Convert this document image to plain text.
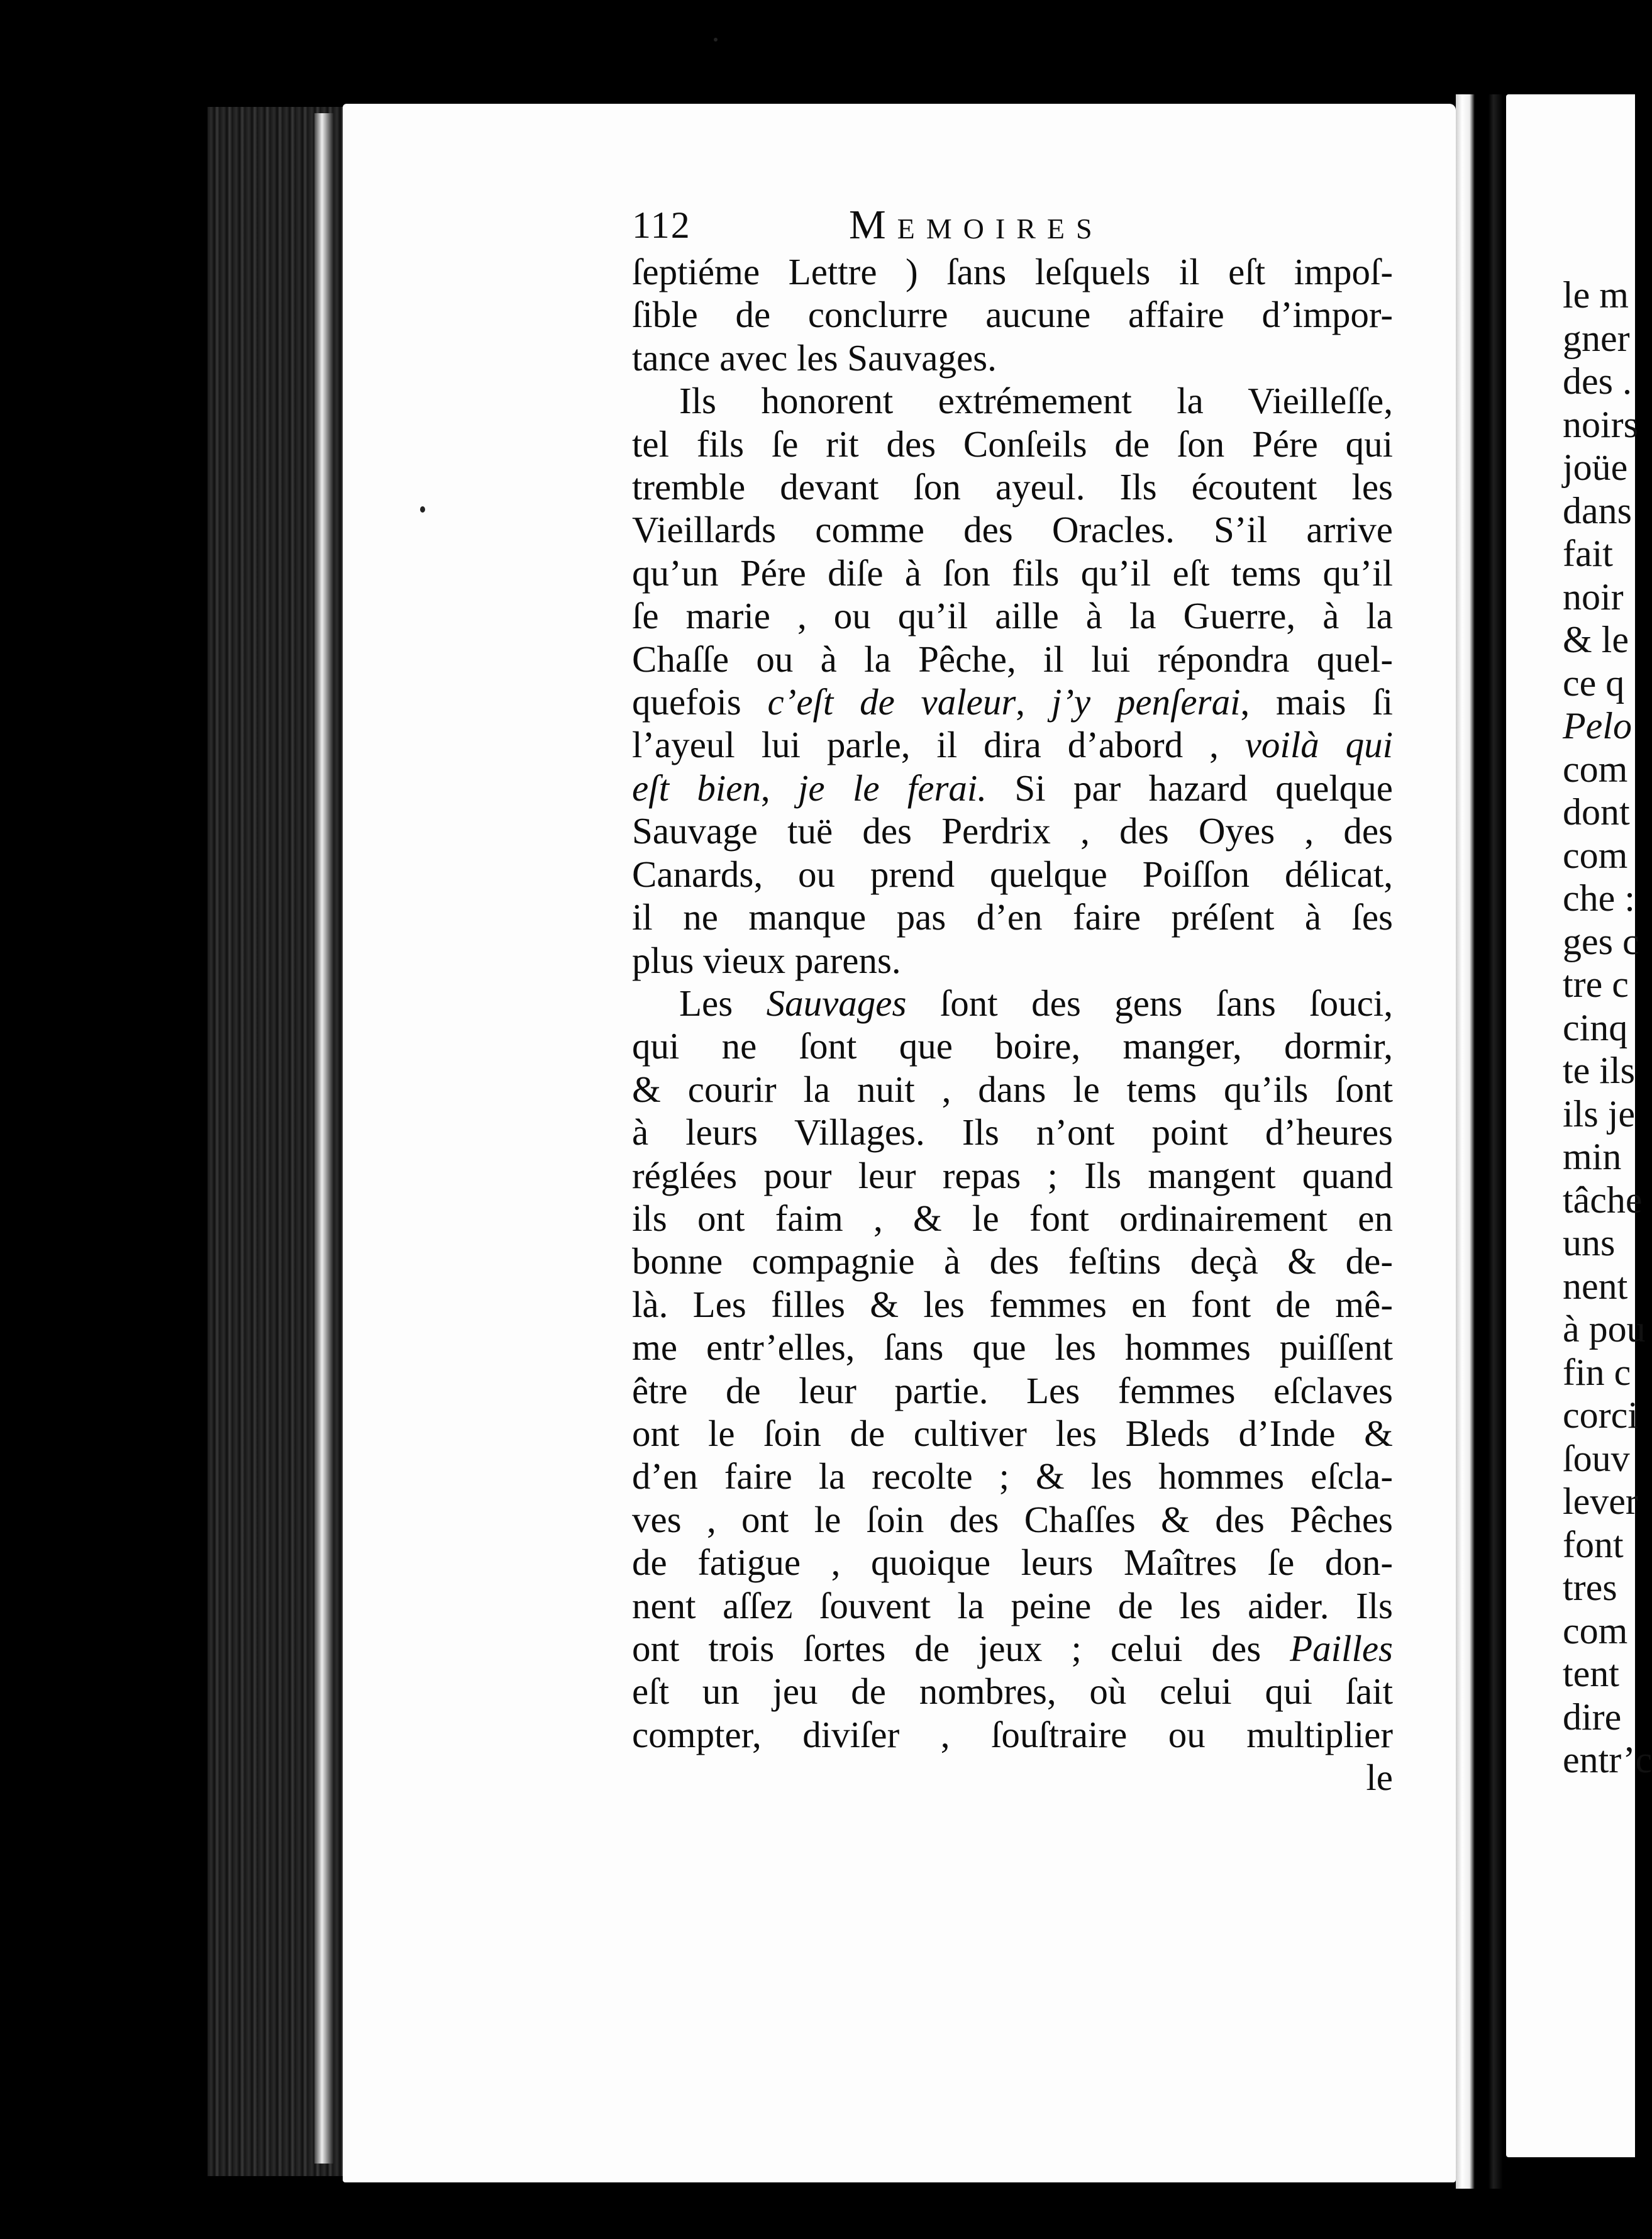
112	Memoires
ſeptiéme Lettre ) ſans leſquels il eſt impoſ-
ſible de conclurre aucune affaire d’impor-
tance avec les Sauvages.
Ils honorent extrémement la Vieilleſſe,
tel fils ſe rit des Conſeils de ſon Pére qui
tremble devant ſon ayeul. Ils écoutent les
Vieillards comme des Oracles. S’il arrive
qu’un Pére diſe à ſon fils qu’il eſt tems qu’il
ſe marie , ou qu’il aille à la Guerre, à la
Chaſſe ou à la Pêche, il lui répondra quel-
quefois c’eſt de valeur, j’y penſerai, mais ſi
l’ayeul lui parle, il dira d’abord , voilà qui
eſt bien, je le ferai. Si par hazard quelque
Sauvage tuë des Perdrix , des Oyes , des
Canards, ou prend quelque Poiſſon délicat,
il ne manque pas d’en faire préſent à ſes
plus vieux parens.
Les Sauvages ſont des gens ſans ſouci,
qui ne ſont que boire, manger, dormir,
& courir la nuit , dans le tems qu’ils ſont
à leurs Villages. Ils n’ont point d’heures
réglées pour leur repas ; Ils mangent quand
ils ont faim , & le font ordinairement en
bonne compagnie à des feſtins deçà & de-
là. Les filles & les femmes en font de mê-
me entr’elles, ſans que les hommes puiſſent
être de leur partie. Les femmes eſclaves
ont le ſoin de cultiver les Bleds d’Inde &
d’en faire la recolte ; & les hommes eſcla-
ves , ont le ſoin des Chaſſes & des Pêches
de fatigue , quoique leurs Maîtres ſe don-
nent aſſez ſouvent la peine de les aider. Ils
ont trois ſortes de jeux ; celui des Pailles
eſt un jeu de nombres, où celui qui ſait
compter, diviſer , ſouſtraire ou multiplier
le
le m
gner
des .
noirs
joüe
dans
fait
noir
& le
ce q
Pelo
com
dont
com
che :
ges c
tre c
cinq
te ils
ils je
min
tâche
uns
nent
à pou
fin c
corci
ſouv
lever
font
tres
com
tent
dire
entr’c
